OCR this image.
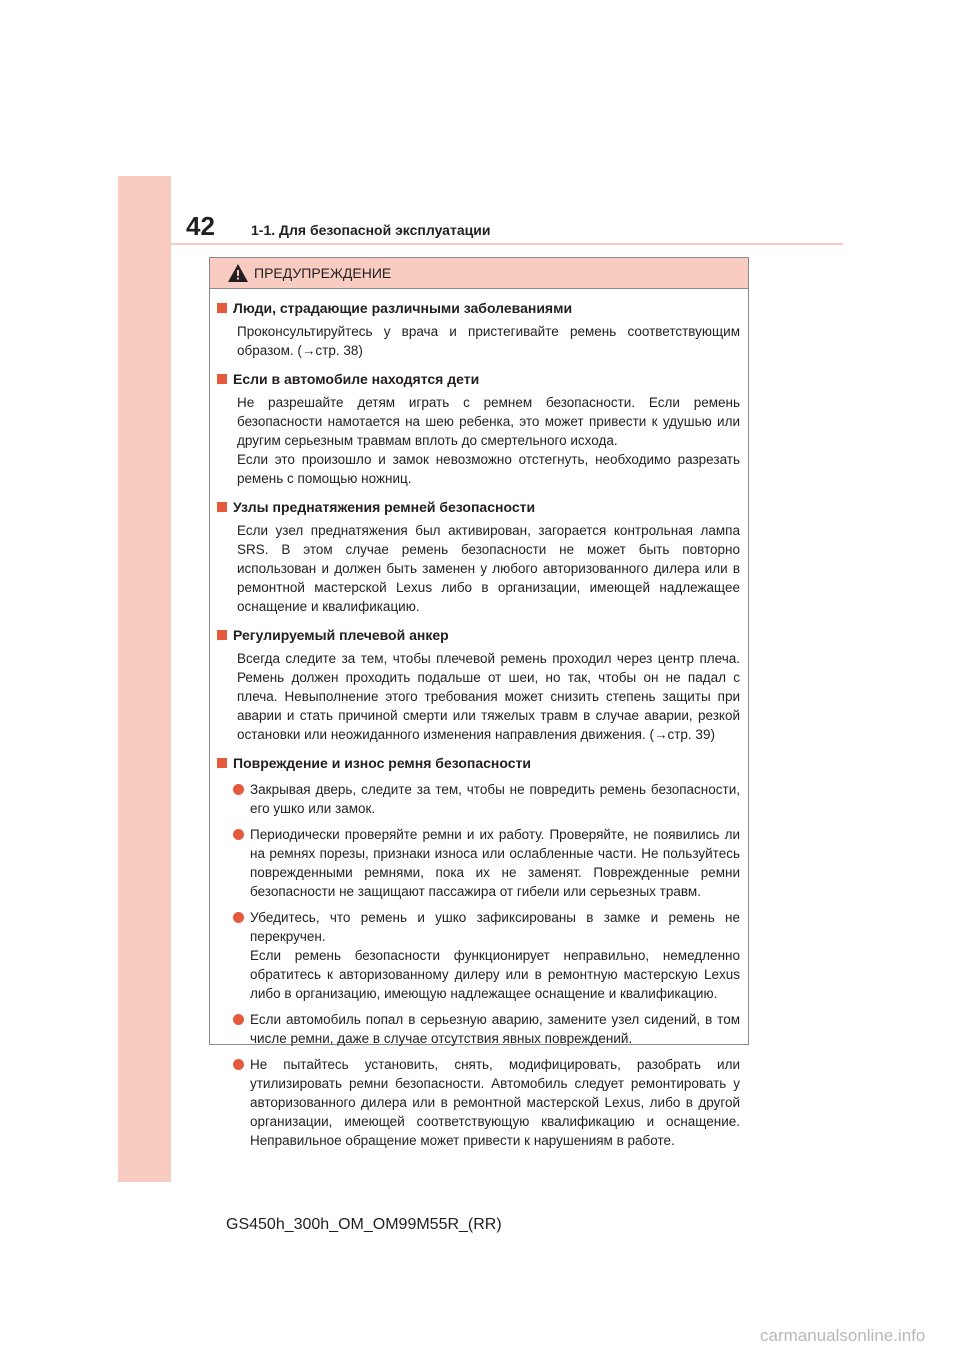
42	1-1. Для безопасной эксплуатации
ПРЕДУПРЕЖДЕНИЕ
Люди, страдающие различными заболеваниями
Проконсультируйтесь у врача и пристегивайте ремень соответствующим образом. (→стр. 38)
Если в автомобиле находятся дети
Не разрешайте детям играть с ремнем безопасности. Если ремень безопасности намотается на шею ребенка, это может привести к удушью или другим серьезным травмам вплоть до смертельного исхода.
Если это произошло и замок невозможно отстегнуть, необходимо разрезать ремень с помощью ножниц.
Узлы преднатяжения ремней безопасности
Если узел преднатяжения был активирован, загорается контрольная лампа SRS. В этом случае ремень безопасности не может быть повторно использован и должен быть заменен у любого авторизованного дилера или в ремонтной мастерской Lexus либо в организации, имеющей надлежащее оснащение и квалификацию.
Регулируемый плечевой анкер
Всегда следите за тем, чтобы плечевой ремень проходил через центр плеча. Ремень должен проходить подальше от шеи, но так, чтобы он не падал с плеча. Невыполнение этого требования может снизить степень защиты при аварии и стать причиной смерти или тяжелых травм в случае аварии, резкой остановки или неожиданного изменения направления движения. (→стр. 39)
Повреждение и износ ремня безопасности
Закрывая дверь, следите за тем, чтобы не повредить ремень безопасности, его ушко или замок.
Периодически проверяйте ремни и их работу. Проверяйте, не появились ли на ремнях порезы, признаки износа или ослабленные части. Не пользуйтесь поврежденными ремнями, пока их не заменят. Поврежденные ремни безопасности не защищают пассажира от гибели или серьезных травм.
Убедитесь, что ремень и ушко зафиксированы в замке и ремень не перекручен.
Если ремень безопасности функционирует неправильно, немедленно обратитесь к авторизованному дилеру или в ремонтную мастерскую Lexus либо в организацию, имеющую надлежащее оснащение и квалификацию.
Если автомобиль попал в серьезную аварию, замените узел сидений, в том числе ремни, даже в случае отсутствия явных повреждений.
Не пытайтесь установить, снять, модифицировать, разобрать или утилизировать ремни безопасности. Автомобиль следует ремонтировать у авторизованного дилера или в ремонтной мастерской Lexus, либо в другой организации, имеющей соответствующую квалификацию и оснащение. Неправильное обращение может привести к нарушениям в работе.
GS450h_300h_OM_OM99M55R_(RR)
carmanualsonline.info
